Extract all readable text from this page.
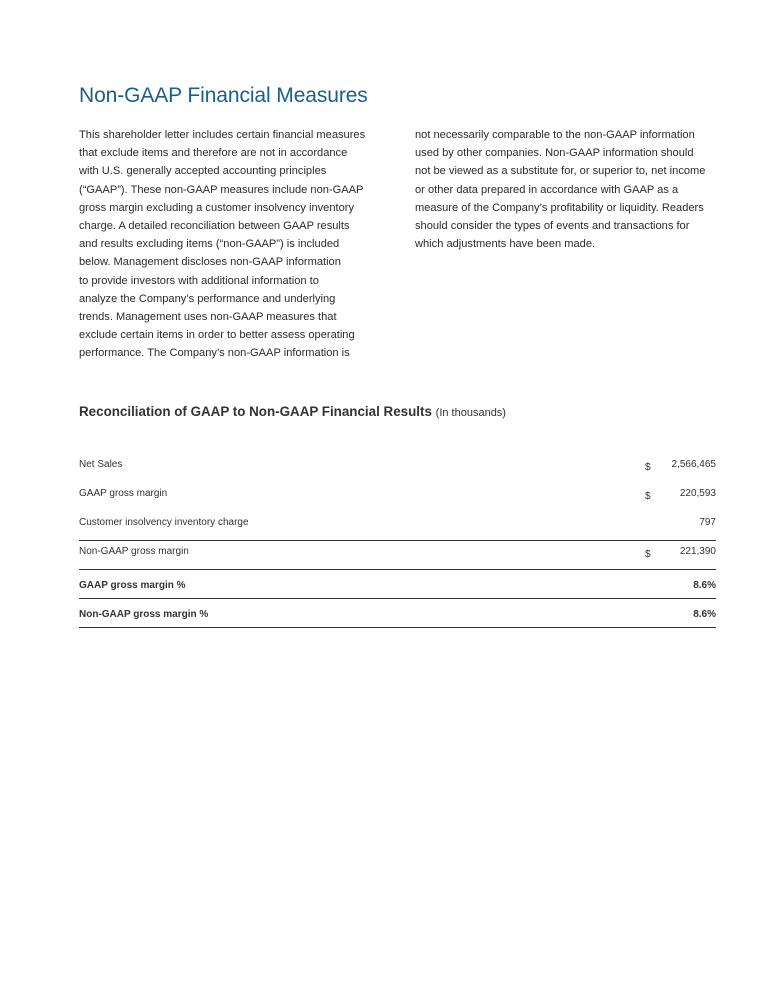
Non-GAAP Financial Measures
This shareholder letter includes certain financial measures
that exclude items and therefore are not in accordance
with U.S. generally accepted accounting principles
(“GAAP”). These non-GAAP measures include non-GAAP
gross margin excluding a customer insolvency inventory
charge. A detailed reconciliation between GAAP results
and results excluding items (“non-GAAP”) is included
below. Management discloses non-GAAP information
to provide investors with additional information to
analyze the Company’s performance and underlying
trends. Management uses non-GAAP measures that
exclude certain items in order to better assess operating
performance. The Company’s non-GAAP information is
not necessarily comparable to the non-GAAP information
used by other companies. Non-GAAP information should
not be viewed as a substitute for, or superior to, net income
or other data prepared in accordance with GAAP as a
measure of the Company’s profitability or liquidity. Readers
should consider the types of events and transactions for
which adjustments have been made.
Reconciliation of GAAP to Non-GAAP Financial Results (In thousands)
Net Sales	$ 2,566,465
GAAP gross margin	$	220,593
Customer insolvency inventory charge	797
Non-GAAP gross margin	$	221,390
GAAP gross margin %	8.6%
Non-GAAP gross margin %	8.6%
